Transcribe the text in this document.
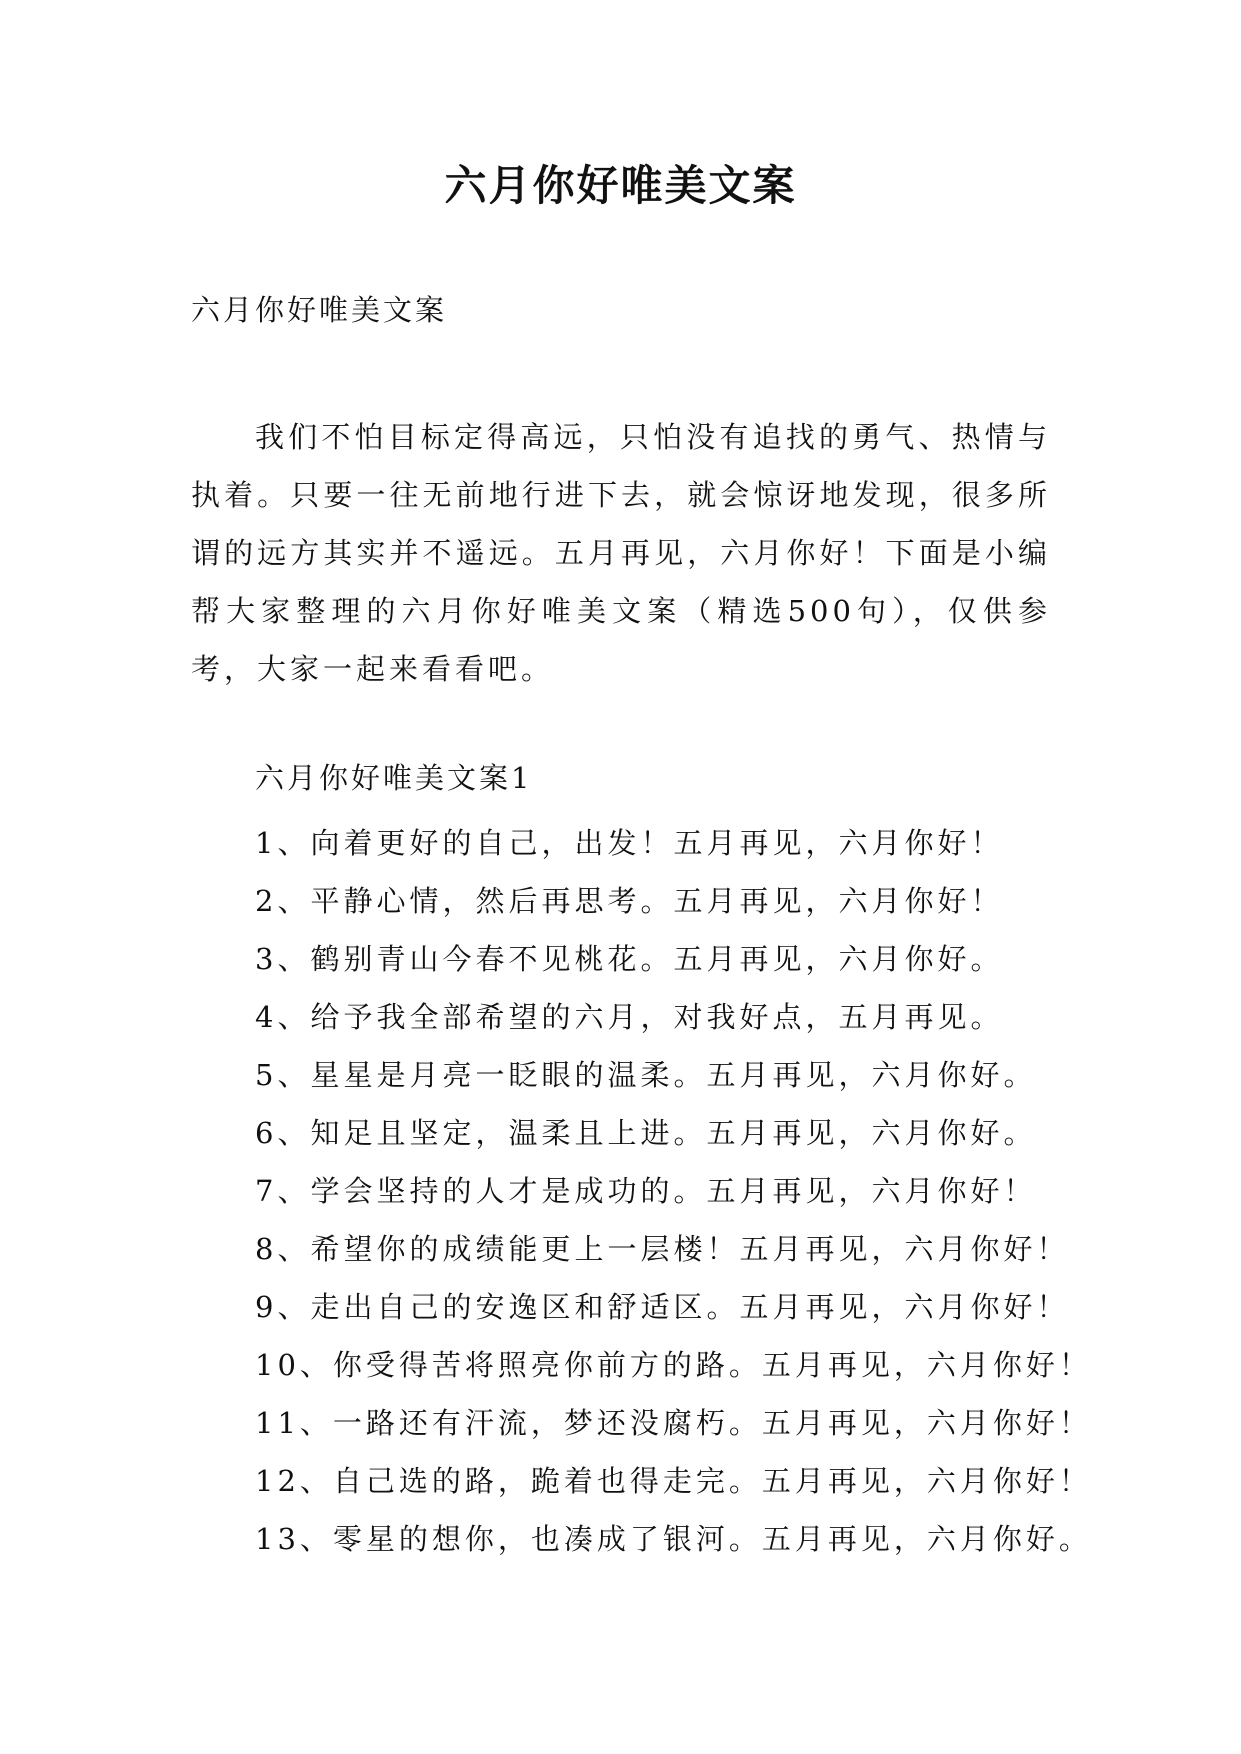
六月你好唯美文案
六月你好唯美文案

我们不怕目标定得高远，只怕没有追找的勇气、热情与执着。只要一往无前地行进下去，就会惊讶地发现，很多所谓的远方其实并不遥远。五月再见，六月你好！下面是小编帮大家整理的六月你好唯美文案（精选500句），仅供参考，大家一起来看看吧。

六月你好唯美文案1
1、向着更好的自己，出发！五月再见，六月你好！
2、平静心情，然后再思考。五月再见，六月你好！
3、鹤别青山今春不见桃花。五月再见，六月你好。
4、给予我全部希望的六月，对我好点，五月再见。
5、星星是月亮一眨眼的温柔。五月再见，六月你好。
6、知足且坚定，温柔且上进。五月再见，六月你好。
7、学会坚持的人才是成功的。五月再见，六月你好！
8、希望你的成绩能更上一层楼！五月再见，六月你好！
9、走出自己的安逸区和舒适区。五月再见，六月你好！
10、你受得苦将照亮你前方的路。五月再见，六月你好！
11、一路还有汗流，梦还没腐朽。五月再见，六月你好！
12、自己选的路，跪着也得走完。五月再见，六月你好！
13、零星的想你，也凑成了银河。五月再见，六月你好。
